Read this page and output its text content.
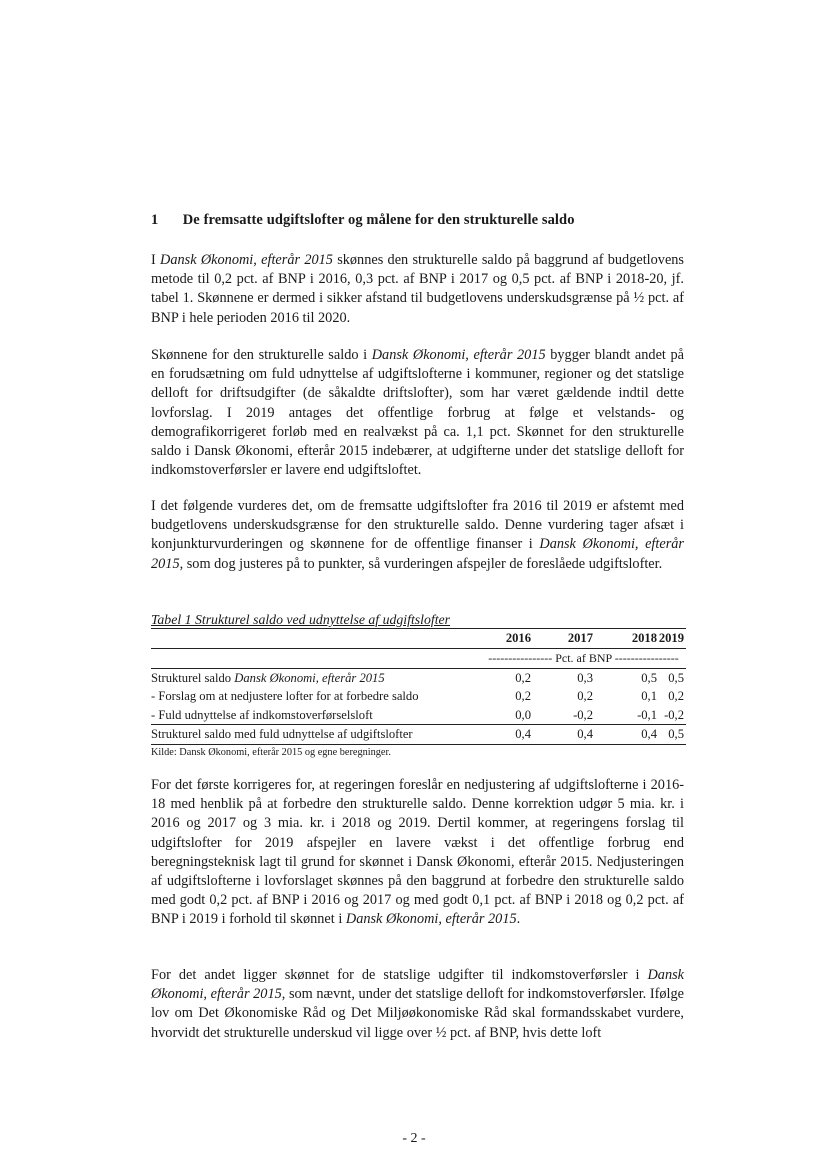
1 De fremsatte udgiftslofter og målene for den strukturelle saldo

I Dansk Økonomi, efterår 2015 skønnes den strukturelle saldo på baggrund af budgetlovens metode til 0,2 pct. af BNP i 2016, 0,3 pct. af BNP i 2017 og 0,5 pct. af BNP i 2018-20, jf. tabel 1. Skønnene er dermed i sikker afstand til budgetlovens underskudsgrænse på ½ pct. af BNP i hele perioden 2016 til 2020.

Skønnene for den strukturelle saldo i Dansk Økonomi, efterår 2015 bygger blandt andet på en forudsætning om fuld udnyttelse af udgiftslofterne i kommuner, regioner og det statslige delloft for driftsudgifter (de såkaldte driftslofter), som har været gældende indtil dette lovforslag. I 2019 antages det offentlige forbrug at følge et velstands- og demografikorrigeret forløb med en realvækst på ca. 1,1 pct. Skønnet for den strukturelle saldo i Dansk Økonomi, efterår 2015 indebærer, at udgifterne under det statslige delloft for indkomstoverførsler er lavere end udgiftsloftet.

I det følgende vurderes det, om de fremsatte udgiftslofter fra 2016 til 2019 er afstemt med budgetlovens underskudsgrænse for den strukturelle saldo. Denne vurdering tager afsæt i konjunkturvurderingen og skønnene for de offentlige finanser i Dansk Økonomi, efterår 2015, som dog justeres på to punkter, så vurderingen afspejler de foreslåede udgiftslofter.

Tabel 1 Strukturel saldo ved udnyttelse af udgiftslofter
2016	2017	2018 2019
---------------- Pct. af BNP ----------------
Strukturel saldo Dansk Økonomi, efterår 2015	0,2	0,3	0,5 0,5
- Forslag om at nedjustere lofter for at forbedre saldo	0,2	0,2	0,1 0,2
- Fuld udnyttelse af indkomstoverførselsloft	0,0	-0,2	-0,1 -0,2
Strukturel saldo med fuld udnyttelse af udgiftslofter	0,4	0,4	0,4 0,5
Kilde: Dansk Økonomi, efterår 2015 og egne beregninger.

For det første korrigeres for, at regeringen foreslår en nedjustering af udgiftslofterne i 2016-18 med henblik på at forbedre den strukturelle saldo. Denne korrektion udgør 5 mia. kr. i 2016 og 2017 og 3 mia. kr. i 2018 og 2019. Dertil kommer, at regeringens forslag til udgiftslofter for 2019 afspejler en lavere vækst i det offentlige forbrug end beregningsteknisk lagt til grund for skønnet i Dansk Økonomi, efterår 2015. Nedjusteringen af udgiftslofterne i lovforslaget skønnes på den baggrund at forbedre den strukturelle saldo med godt 0,2 pct. af BNP i 2016 og 2017 og med godt 0,1 pct. af BNP i 2018 og 0,2 pct. af BNP i 2019 i forhold til skønnet i Dansk Økonomi, efterår 2015.

For det andet ligger skønnet for de statslige udgifter til indkomstoverførsler i Dansk Økonomi, efterår 2015, som nævnt, under det statslige delloft for indkomstoverførsler. Ifølge lov om Det Økonomiske Råd og Det Miljøøkonomiske Råd skal formandsskabet vurdere, hvorvidt det strukturelle underskud vil ligge over ½ pct. af BNP, hvis dette loft

- 2 -
